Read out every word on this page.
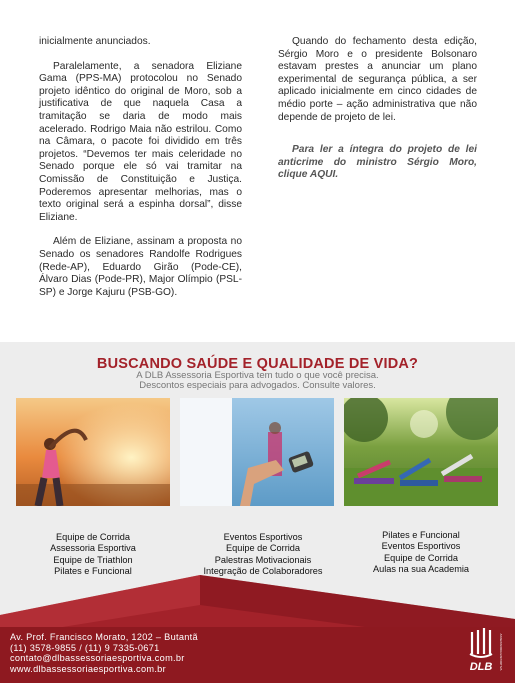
inicialmente anunciados.

Paralelamente, a senadora Eliziane Gama (PPS-MA) protocolou no Senado projeto idêntico do original de Moro, sob a justificativa de que naquela Casa a tramitação se daria de modo mais acelerado. Rodrigo Maia não estrilou. Como na Câmara, o pacote foi dividido em três projetos. “Devemos ter mais celeridade no Senado porque ele só vai tramitar na Comissão de Constituição e Justiça. Poderemos apresentar melhorias, mas o texto original será a espinha dorsal”, disse Eliziane.

Além de Eliziane, assinam a proposta no Senado os senadores Randolfe Rodrigues (Rede-AP), Eduardo Girão (Pode-CE), Álvaro Dias (Pode-PR), Major Olímpio (PSL-SP) e Jorge Kajuru (PSB-GO).

Quando do fechamento desta edição, Sérgio Moro e o presidente Bolsonaro estavam prestes a anunciar um plano experimental de segurança pública, a ser aplicado inicialmente em cinco cidades de médio porte – ação administrativa que não depende de projeto de lei.

Para ler a íntegra do projeto de lei anticrime do ministro Sérgio Moro, clique AQUI.

BUSCANDO SAÚDE E QUALIDADE DE VIDA?
A DLB Assessoria Esportiva tem tudo o que você precisa.
Descontos especiais para advogados. Consulte valores.
Equipe de Corrida
Assessoria Esportiva
Equipe de Triathlon
Pilates e Funcional
Eventos Esportivos
Equipe de Corrida
Palestras Motivacionais
Integração de Colaboradores
Pilates e Funcional
Eventos Esportivos
Equipe de Corrida
Aulas na sua Academia
Av. Prof. Francisco Morato, 1202 – Butantã
(11) 3578-9855 / (11) 9 7335-0671
contato@dlbassessoriaesportiva.com.br
www.dlbassessoriaesportiva.com.br	DLB ASSESSORIA ESPORTIVA
